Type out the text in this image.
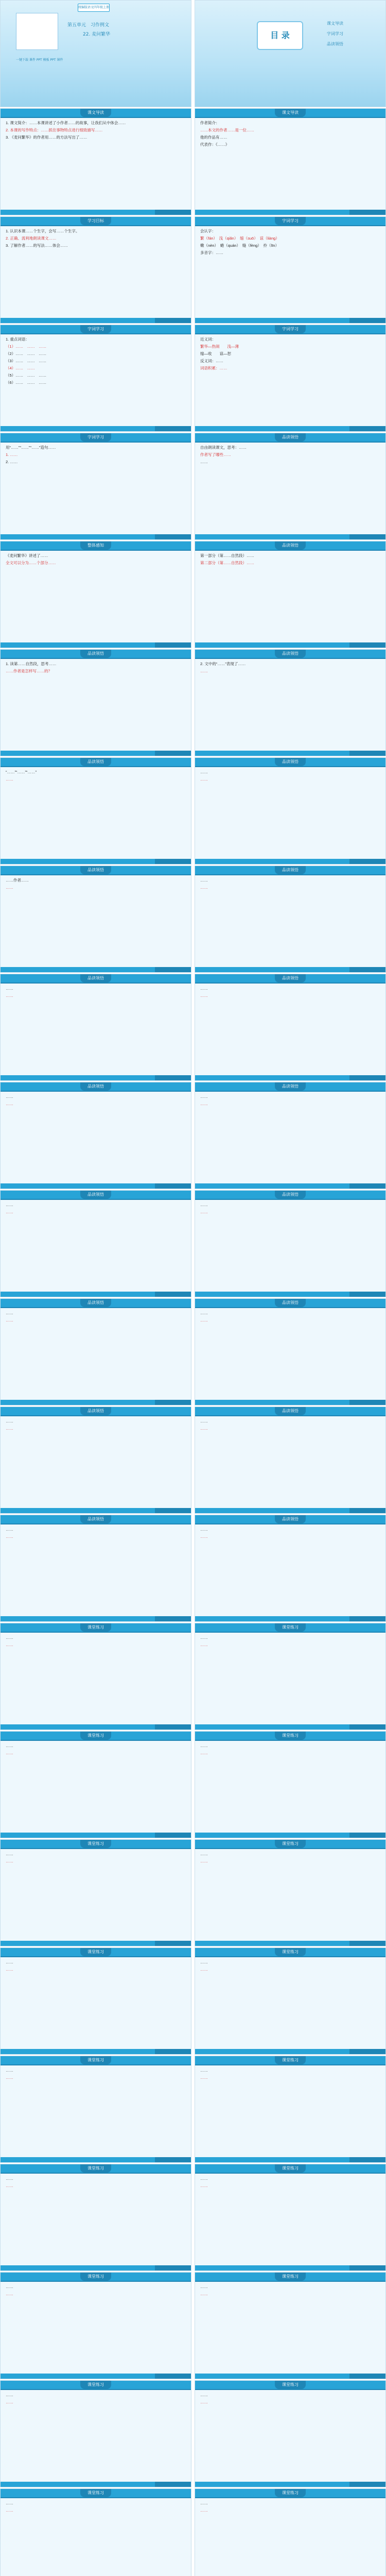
统编版语文四年级上册
第五单元　习作例文
22. 麦问繁华
一键下载 课件 PPT 模板 PPT 课件
目 录
课文导读
字词学习
品读领悟
课文导读

1. 课文简介：……本课讲述了小作者……的故事，让我们从中体会……

2. 本课的写作特点：……抓住事物特点进行细致描写……

3. 《麦问繁华》的作者用……的方法写出了……

课文导读

作者简介：

……本文的作者……是一位……

他的作品有……

代表作：《……》

学习目标

1. 认识本课……个生字，会写……个生字。

2. 正确、流利地朗读课文……

3. 了解作者……的写法……体会……

字词学习

会认字：

繁（fán）　浅（qiǎn）　缩（suō）　谅（liàng）

嫩（nèn）　蜷（quán）　缝（fèng）　拎（līn）

多音字：……

字词学习

1. 重点词语：

（1）……　……　……

（2）……　……　……

（3）……　……　……

（4）……　……

（5）……　……　……

（6）……　……　……

字词学习

近义词：

繁华—热闹　　浅—薄

缩—收　　谅—恕

反义词：……

词语积累：……

字词学习

用“……”“……”“……”造句……

1. ……

2. ……

品读领悟

自由朗读课文，思考：……

作者写了哪些……

……

整体感知

《麦问繁华》讲述了……

全文可以分为……个部分……

品读领悟

第一部分（第……自然段）……

第二部分（第……自然段）……

品读领悟

1. 读第……自然段，思考……

……作者是怎样写……的？

品读领悟

2. 文中的“……”表现了……

……

品读领悟

“……”“……”“……”

……

品读领悟

……

……

品读领悟

……作者……

……

品读领悟

……

……

品读领悟

……

……

品读领悟

……

……

品读领悟

……

……

品读领悟

……

……

品读领悟

……

……

品读领悟

……

……

品读领悟

……

……

品读领悟

……

……

品读领悟

……

……

品读领悟

……

……

品读领悟

……

……

品读领悟

……

……

课堂练习

……

……

课堂练习

……

……

课堂练习

……

……

课堂练习

……

……

课堂练习

……

……

课堂练习

……

……

课堂练习

……

……

课堂练习

……

……

课堂练习

……

……

课堂练习

……

……

课堂练习

……

……

课堂练习

……

……

课堂练习

……

……

课堂练习

……

……

课堂练习

……

……

课堂练习

……

……

课堂练习

……

……

课堂练习

……

……
